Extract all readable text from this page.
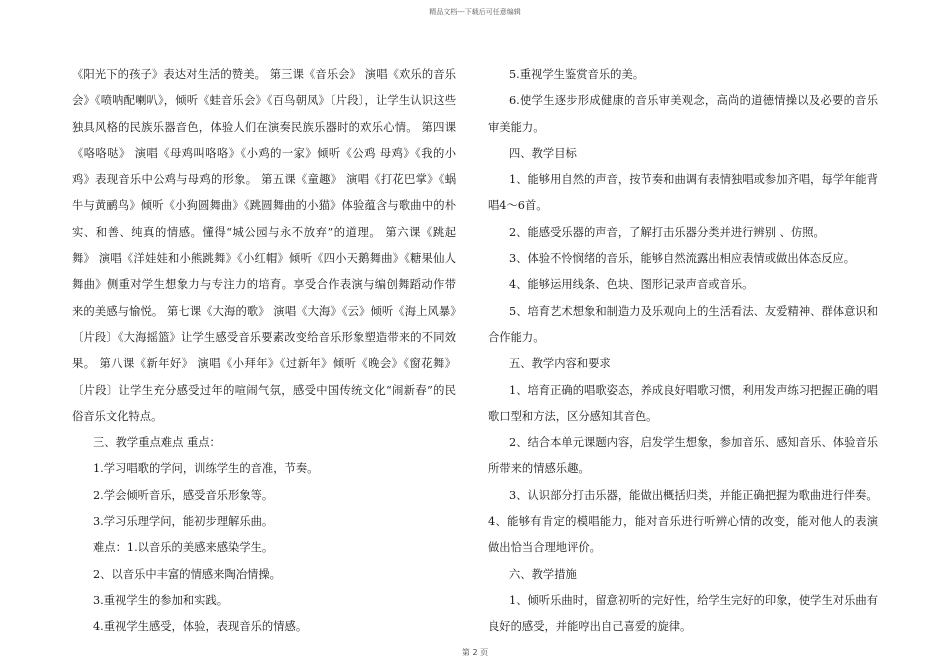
精品文档---下载后可任意编辑

《阳光下的孩子》表达对生活的赞美。 第三课《音乐会》 演唱《欢乐的音乐会》《喷呐配喇叭》，倾听《蛙音乐会》《百鸟朝凤》〔片段〕，让学生认识这些独具风格的民族乐器音色，体验人们在演奏民族乐器时的欢乐心情。 第四课《咯咯哒》 演唱《母鸡叫咯咯》《小鸡的一家》倾听《公鸡 母鸡》《我的小鸡》表现音乐中公鸡与母鸡的形象。 第五课《童趣》 演唱《打花巴掌》《蜗牛与黄鹂鸟》倾听《小狗圆舞曲》《跳圆舞曲的小猫》体验蕴含与歌曲中的朴实、和善、纯真的情感。懂得“城公园与永不放弃”的道理。 第六课《跳起舞》 演唱《洋娃娃和小熊跳舞》《小红帽》倾听《四小天鹅舞曲》《糖果仙人舞曲》侧重对学生想象力与专注力的培育。享受合作表演与编创舞蹈动作带来的美感与愉悦。 第七课《大海的歌》 演唱《大海》《云》倾听《海上风暴》〔片段〕《大海摇篮》让学生感受音乐要素改变给音乐形象塑造带来的不同效果。 第八课《新年好》 演唱《小拜年》《过新年》倾听《晚会》《窗花舞》〔片段〕让学生充分感受过年的喧闹气氛，感受中国传统文化“闹新春”的民俗音乐文化特点。

三、教学重点难点 重点：

1.学习唱歌的学问，训练学生的音准，节奏。

2.学会倾听音乐，感受音乐形象等。

3.学习乐理学问，能初步理解乐曲。

难点：1.以音乐的美感来感染学生。

2、以音乐中丰富的情感来陶冶情操。

3.重视学生的参加和实践。

4.重视学生感受，体验，表现音乐的情感。

5.重视学生鉴赏音乐的美。

6.使学生逐步形成健康的音乐审美观念，高尚的道德情操以及必要的音乐审美能力。

四、教学目标

1、能够用自然的声音，按节奏和曲调有表情独唱或参加齐唱，每学年能背唱4～6首。

2、能感受乐器的声音，了解打击乐器分类并进行辨别 、仿照。

3、体验不怜悯绪的音乐，能够自然流露出相应表情或做出体态反应。

4、能够运用线条、色块、图形记录声音或音乐。

5、培育艺术想象和制造力及乐观向上的生活看法、友爱精神、群体意识和合作能力。

五、教学内容和要求

1、培育正确的唱歌姿态，养成良好唱歌习惯，利用发声练习把握正确的唱歌口型和方法，区分感知其音色。

2、结合本单元课题内容，启发学生想象，参加音乐、感知音乐、体验音乐所带来的情感乐趣。

3、认识部分打击乐器，能做出概括归类，并能正确把握为歌曲进行伴奏。

4、能够有肯定的模唱能力，能对音乐进行听辨心情的改变，能对他人的表演做出恰当合理地评价。

六、教学措施

1、倾听乐曲时，留意初听的完好性，给学生完好的印象，使学生对乐曲有良好的感受，并能哼出自己喜爱的旋律。

第 2 页
